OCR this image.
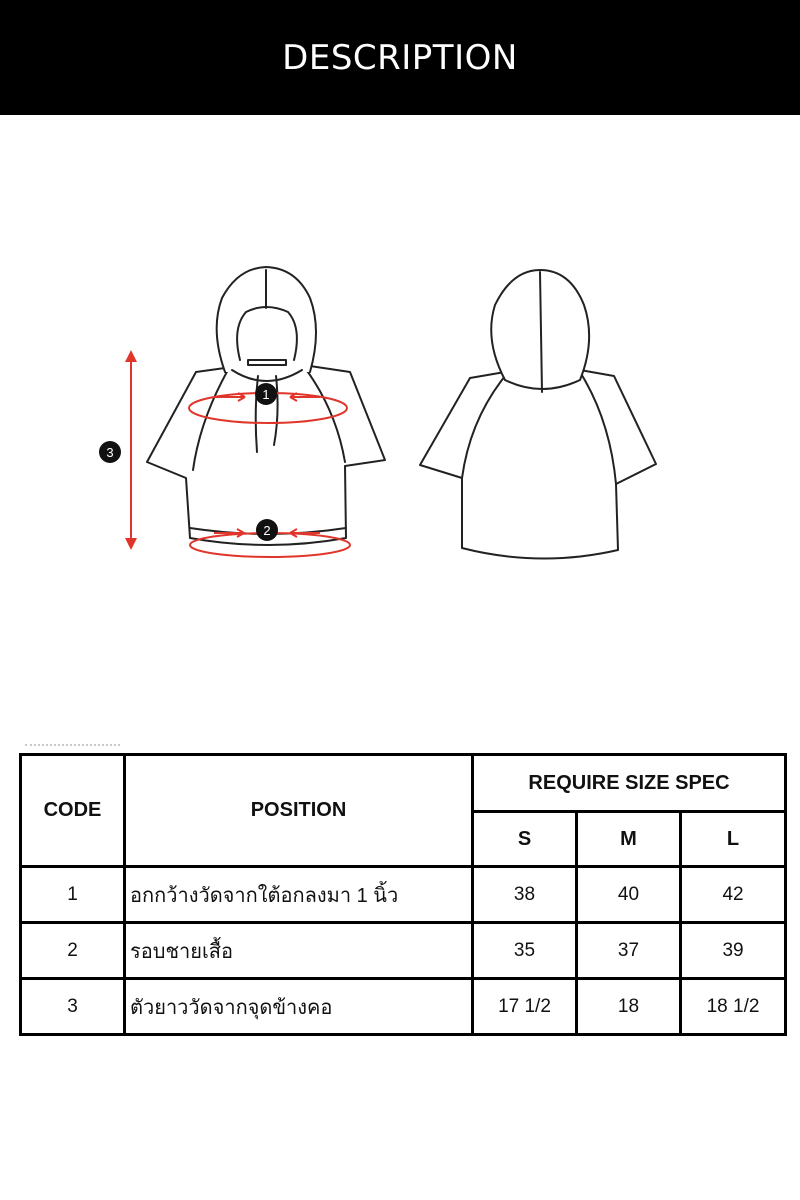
DESCRIPTION
1
2
3
CODE	POSITION	REQUIRE SIZE SPEC		
		S	M	L
1	อกกว้างวัดจากใต้อกลงมา 1 นิ้ว	38	40	42
2	รอบชายเสื้อ	35	37	39
3	ตัวยาววัดจากจุดข้างคอ	17 1/2	18	18 1/2
